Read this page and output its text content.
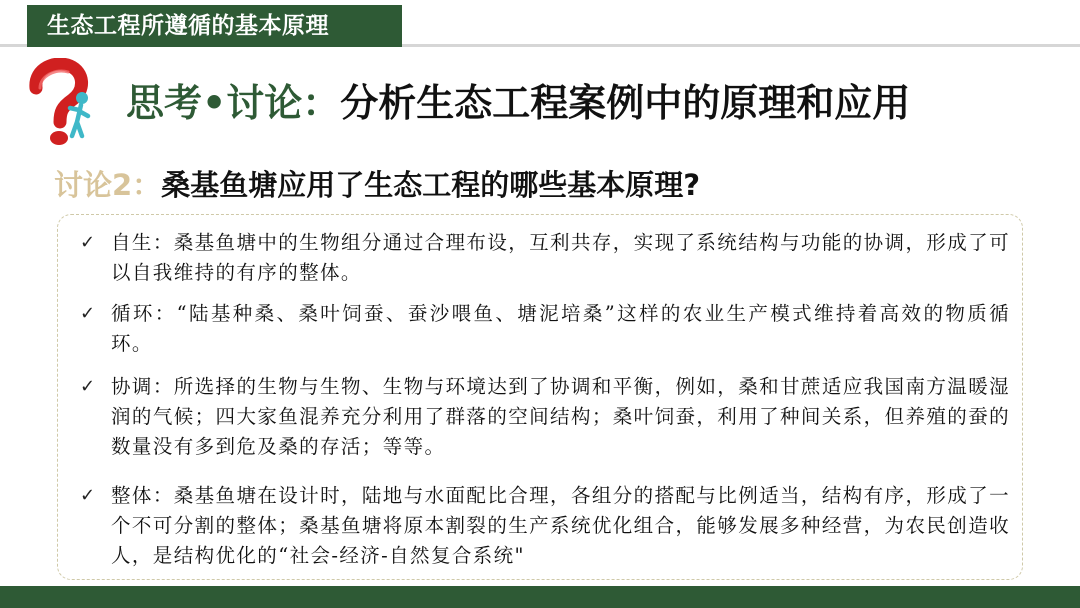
生态工程所遵循的基本原理
思考•讨论：分析生态工程案例中的原理和应用
讨论2：桑基鱼塘应用了生态工程的哪些基本原理?
✓ 自生：桑基鱼塘中的生物组分通过合理布设，互利共存，实现了系统结构与功能的协调，形成了可以自我维持的有序的整体。
✓ 循环：“陆基种桑、桑叶饲蚕、蚕沙喂鱼、塘泥培桑”这样的农业生产模式维持着高效的物质循环。
✓ 协调：所选择的生物与生物、生物与环境达到了协调和平衡，例如，桑和甘蔗适应我国南方温暖湿润的气候；四大家鱼混养充分利用了群落的空间结构；桑叶饲蚕，利用了种间关系，但养殖的蚕的数量没有多到危及桑的存活；等等。
✓ 整体：桑基鱼塘在设计时，陆地与水面配比合理，各组分的搭配与比例适当，结构有序，形成了一个不可分割的整体；桑基鱼塘将原本割裂的生产系统优化组合，能够发展多种经营，为农民创造收人，是结构优化的“社会-经济-自然复合系统"
